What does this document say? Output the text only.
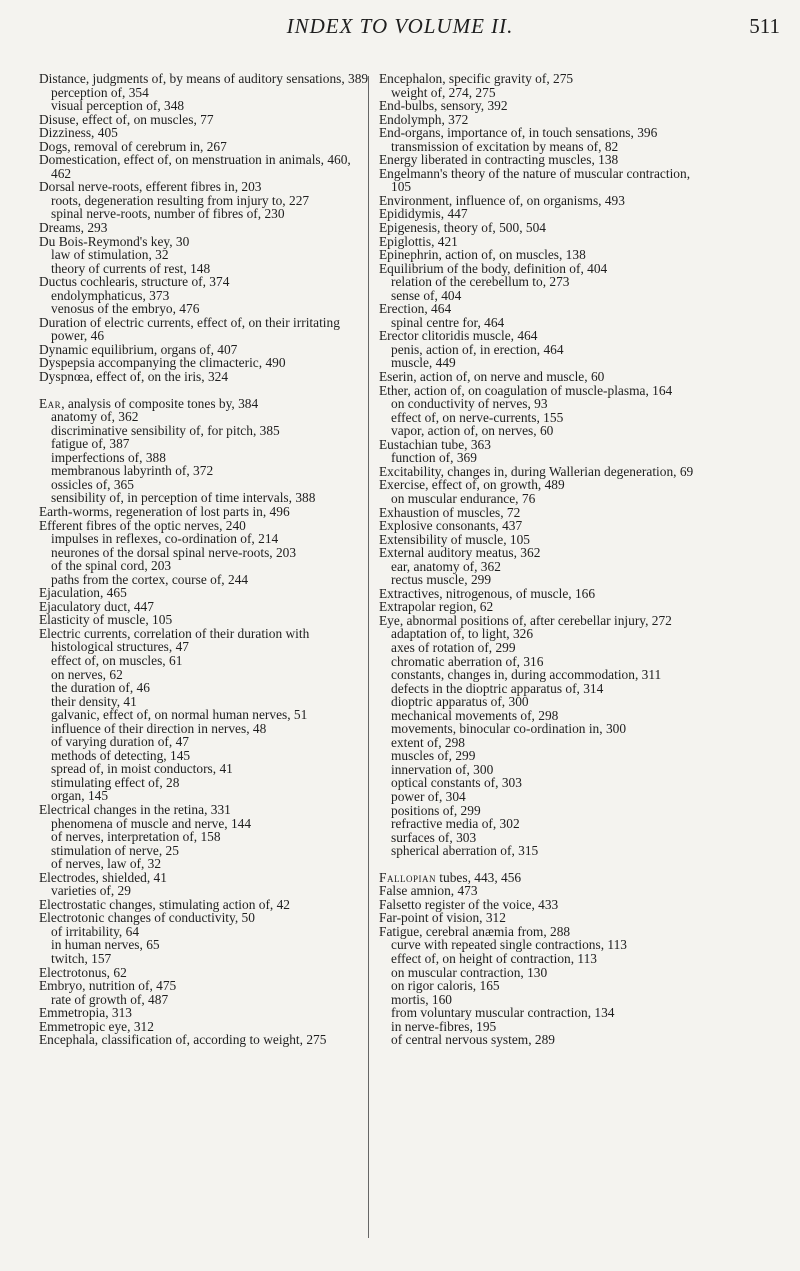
INDEX TO VOLUME II.	511
Distance, judgments of, by means of auditory sensations, 389
perception of, 354
visual perception of, 348
Disuse, effect of, on muscles, 77
Dizziness, 405
Dogs, removal of cerebrum in, 267
Domestication, effect of, on menstruation in animals, 460, 462
Dorsal nerve-roots, efferent fibres in, 203
roots, degeneration resulting from injury to, 227
spinal nerve-roots, number of fibres of, 230
Dreams, 293
Du Bois-Reymond's key, 30
law of stimulation, 32
theory of currents of rest, 148
Ductus cochlearis, structure of, 374
endolymphaticus, 373
venosus of the embryo, 476
Duration of electric currents, effect of, on their irritating power, 46
Dynamic equilibrium, organs of, 407
Dyspepsia accompanying the climacteric, 490
Dyspnœa, effect of, on the iris, 324
Ear, analysis of composite tones by, 384
anatomy of, 362
discriminative sensibility of, for pitch, 385
fatigue of, 387
imperfections of, 388
membranous labyrinth of, 372
ossicles of, 365
sensibility of, in perception of time intervals, 388
Earth-worms, regeneration of lost parts in, 496
Efferent fibres of the optic nerves, 240
impulses in reflexes, co-ordination of, 214
neurones of the dorsal spinal nerve-roots, 203
of the spinal cord, 203
paths from the cortex, course of, 244
Ejaculation, 465
Ejaculatory duct, 447
Elasticity of muscle, 105
Electric currents, correlation of their duration with histological structures, 47
effect of, on muscles, 61
on nerves, 62
the duration of, 46
their density, 41
galvanic, effect of, on normal human nerves, 51
influence of their direction in nerves, 48
of varying duration of, 47
methods of detecting, 145
spread of, in moist conductors, 41
stimulating effect of, 28
organ, 145
Electrical changes in the retina, 331
phenomena of muscle and nerve, 144
of nerves, interpretation of, 158
stimulation of nerve, 25
of nerves, law of, 32
Electrodes, shielded, 41
varieties of, 29
Electrostatic changes, stimulating action of, 42
Electrotonic changes of conductivity, 50
of irritability, 64
in human nerves, 65
twitch, 157
Electrotonus, 62
Embryo, nutrition of, 475
rate of growth of, 487
Emmetropia, 313
Emmetropic eye, 312
Encephala, classification of, according to weight, 275
Encephalon, specific gravity of, 275
weight of, 274, 275
End-bulbs, sensory, 392
Endolymph, 372
End-organs, importance of, in touch sensations, 396
transmission of excitation by means of, 82
Energy liberated in contracting muscles, 138
Engelmann's theory of the nature of muscular contraction, 105
Environment, influence of, on organisms, 493
Epididymis, 447
Epigenesis, theory of, 500, 504
Epiglottis, 421
Epinephrin, action of, on muscles, 138
Equilibrium of the body, definition of, 404
relation of the cerebellum to, 273
sense of, 404
Erection, 464
spinal centre for, 464
Erector clitoridis muscle, 464
penis, action of, in erection, 464
muscle, 449
Eserin, action of, on nerve and muscle, 60
Ether, action of, on coagulation of muscle-plasma, 164
on conductivity of nerves, 93
effect of, on nerve-currents, 155
vapor, action of, on nerves, 60
Eustachian tube, 363
function of, 369
Excitability, changes in, during Wallerian degeneration, 69
Exercise, effect of, on growth, 489
on muscular endurance, 76
Exhaustion of muscles, 72
Explosive consonants, 437
Extensibility of muscle, 105
External auditory meatus, 362
ear, anatomy of, 362
rectus muscle, 299
Extractives, nitrogenous, of muscle, 166
Extrapolar region, 62
Eye, abnormal positions of, after cerebellar injury, 272
adaptation of, to light, 326
axes of rotation of, 299
chromatic aberration of, 316
constants, changes in, during accommodation, 311
defects in the dioptric apparatus of, 314
dioptric apparatus of, 300
mechanical movements of, 298
movements, binocular co-ordination in, 300
extent of, 298
muscles of, 299
innervation of, 300
optical constants of, 303
power of, 304
positions of, 299
refractive media of, 302
surfaces of, 303
spherical aberration of, 315
Fallopian tubes, 443, 456
False amnion, 473
Falsetto register of the voice, 433
Far-point of vision, 312
Fatigue, cerebral anæmia from, 288
curve with repeated single contractions, 113
effect of, on height of contraction, 113
on muscular contraction, 130
on rigor caloris, 165
mortis, 160
from voluntary muscular contraction, 134
in nerve-fibres, 195
of central nervous system, 289
